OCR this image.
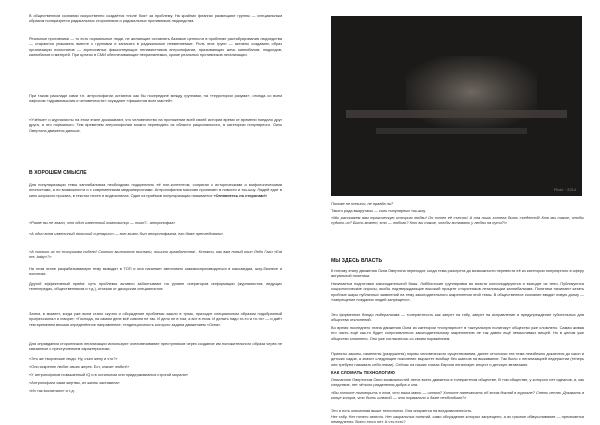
В общественном сознании искусственно создаётся «поле боя» за проблему. На крайних флангах размещают группы — специальным образом поляризуется радикальных сторонников и радикальных противников людоедства.

Реальные противники — то есть нормальные люди, не желающие оставлять базовые ценности в проблеме растабуирования людоедства — стараются упаковать вместе с группами и записать в радикальные невменяемые. Роль этих групп — активно создавать образ организации психопатов — агрессивных фашиствующих ненавистников антропофагии, призывающих жечь каннибалов, людоедов, каннибалов и матерей. При цитаты в СМИ обеспечивающие неприемлемых, кроме реальных противников легализации.

При таком раскладе сами т.н. антропофагии остаются как бы посередине между группами, на «территории разума», отсюда со всем пафосом «здравомыслия и человечности» осуждают «фашистов всех мастей».

«Учёные» и журналисты на этом этапе доказывают, что человечество на протяжении всей своей истории время от времени поедало друг друга, и это нормально. Тем временем антропофилии можно переводить из области рационального, в категорию популярного. Окно Овертона движется дальше.

В ХОРОШЕМ СМЫСЛЕ

Для популяризации темы каннибализма необходимо подкреплять её поп-контентом, сопрягая с историческими и мифологическими личностями, а по возможности и с современными медиаперсонами. Антропофилия массово проникает в новости и ток-шоу. Людей едят в кино широкого проката, в текстах песен и видеоклипах. Один из приёмов популяризации называется «Оглянитесь по сторонам!»

«Разве вы не знали, что один известный композитор — того?.. антропофаг»

«А один всем известный польский сценарист — всю жизнь был антропофагом, его даже преследовали»

«А сколько их по психушкам сидело! Сколько миллионов выслали, лишили гражданства!.. Кстати, как вам новый клип Леди Гаги «Eat me, baby»?»

На этом этапе разрабатываемую тему выводят в ТОП и она начинает автономно самовоспроизводиться в массмедиа, шоу-бизнесе и политике.

Другой эффективный приём: суть проблемы активно забалтывают на уровне операторов информации (журналистов, ведущих телепередач, общественников и т.д.), отсекая от дискуссии специалистов.

Затем, в момент, когда уже всем стало скучно и обсуждение проблемы зашло в тупик, приходит специальным образом подобранный профессионал и говорит: «Господа, на самом деле всё совсем не так. И дело не в том, а вот в этом. И делать надо то-то и то-то» — и даёт тем временем весьма определённое направление, тенденциозность которого задана движением «Окна».

Для оправдания сторонников легализации используют очеловечивание преступников через создание им положительного образа через не связанные с преступлением характеристики.

«Это же творческие люди. Ну, съел жену и что?»

«Они искренне любят своих жертв. Ест, значит любит!»

«У антропофагов повышенный IQ и в остальном они придерживаются строгой морали»

«Антропофаги сами жертвы, их жизнь заставила»

«Их так воспитали» и т.д.

Flickr · 2014

Похоже не тезисы, не правда ли?

Такого рода выкрутасы — соль популярных ток-шоу.

«Мы расскажем вам трагическую историю любви! Он хотел её съесть! А она лишь хотела быть съеденной! Кто мы такие, чтобы судить их? Быть может, это — любовь? Кто вы такие, чтобы вставать у любви на пути?!»

МЫ ЗДЕСЬ ВЛАСТЬ

К пятому этапу движения Окна Овертона переходят, когда тема разогрета до возможности перевести её из категории популярного в сферу актуальной политики.

Начинается подготовка законодательной базы. Лоббистские группировки во власти консолидируются и выходят из тени. Публикуются социологические опросы, якобы подтверждающие высокий процент сторонников легализации каннибализма. Политики начинают катать пробные шары публичных заявлений на тему законодательного закрепления этой темы. В общественное сознание вводят новую догму — «запрещение поедания людей запрещено».

Это фирменное блюдо либерализма — толерантность как запрет на табу, запрет на исправление и предупреждение губительных для общества отклонений.

Во время последнего этапа движения Окна из категории «популярное» в «актуальную политику» общество уже сломлено. Самая живая его часть ещё как-то будет сопротивляться законодательному закреплению не так давно ещё немыслимых вещей. Но в целом уже общество сломлено. Оно уже согласилось со своим поражением.

Приняты законы, изменены (разрушены) нормы человеческого существования, далее отголоски эта тема неизбежно докатится до школ и детских садов, а значит следующее поколение вырастет вообще без шансов на выживание. Так было с легализацией педерастии (теперь они требуют называть себя геями). Сейчас на наших глазах Европа легализует инцест и детскую эвтаназию.

КАК СЛОМАТЬ ТЕХНОЛОГИЮ

Описанное Овертоном Окно возможностей легче всего движется в толерантном обществе. В том обществе, у которого нет идеалов, и, как следствие, нет чёткого разделения добра и зла.

«Вы хотите поговорить о том, что ваша мать — шлюха? Хотите напечатать об этом доклад в журнале? Спеть песню. Доказать в конце концов, что быть шлюхой — это нормально и даже необходимо?»

Это и есть описанная выше технология. Она опирается на вседозволенность.

Нет табу. Нет ничего святого. Нет сакральных понятий, само обсуждение которых запрещено, а их грязное обмусоливание — пресекается немедленно. Всего этого нет. А что есть?
